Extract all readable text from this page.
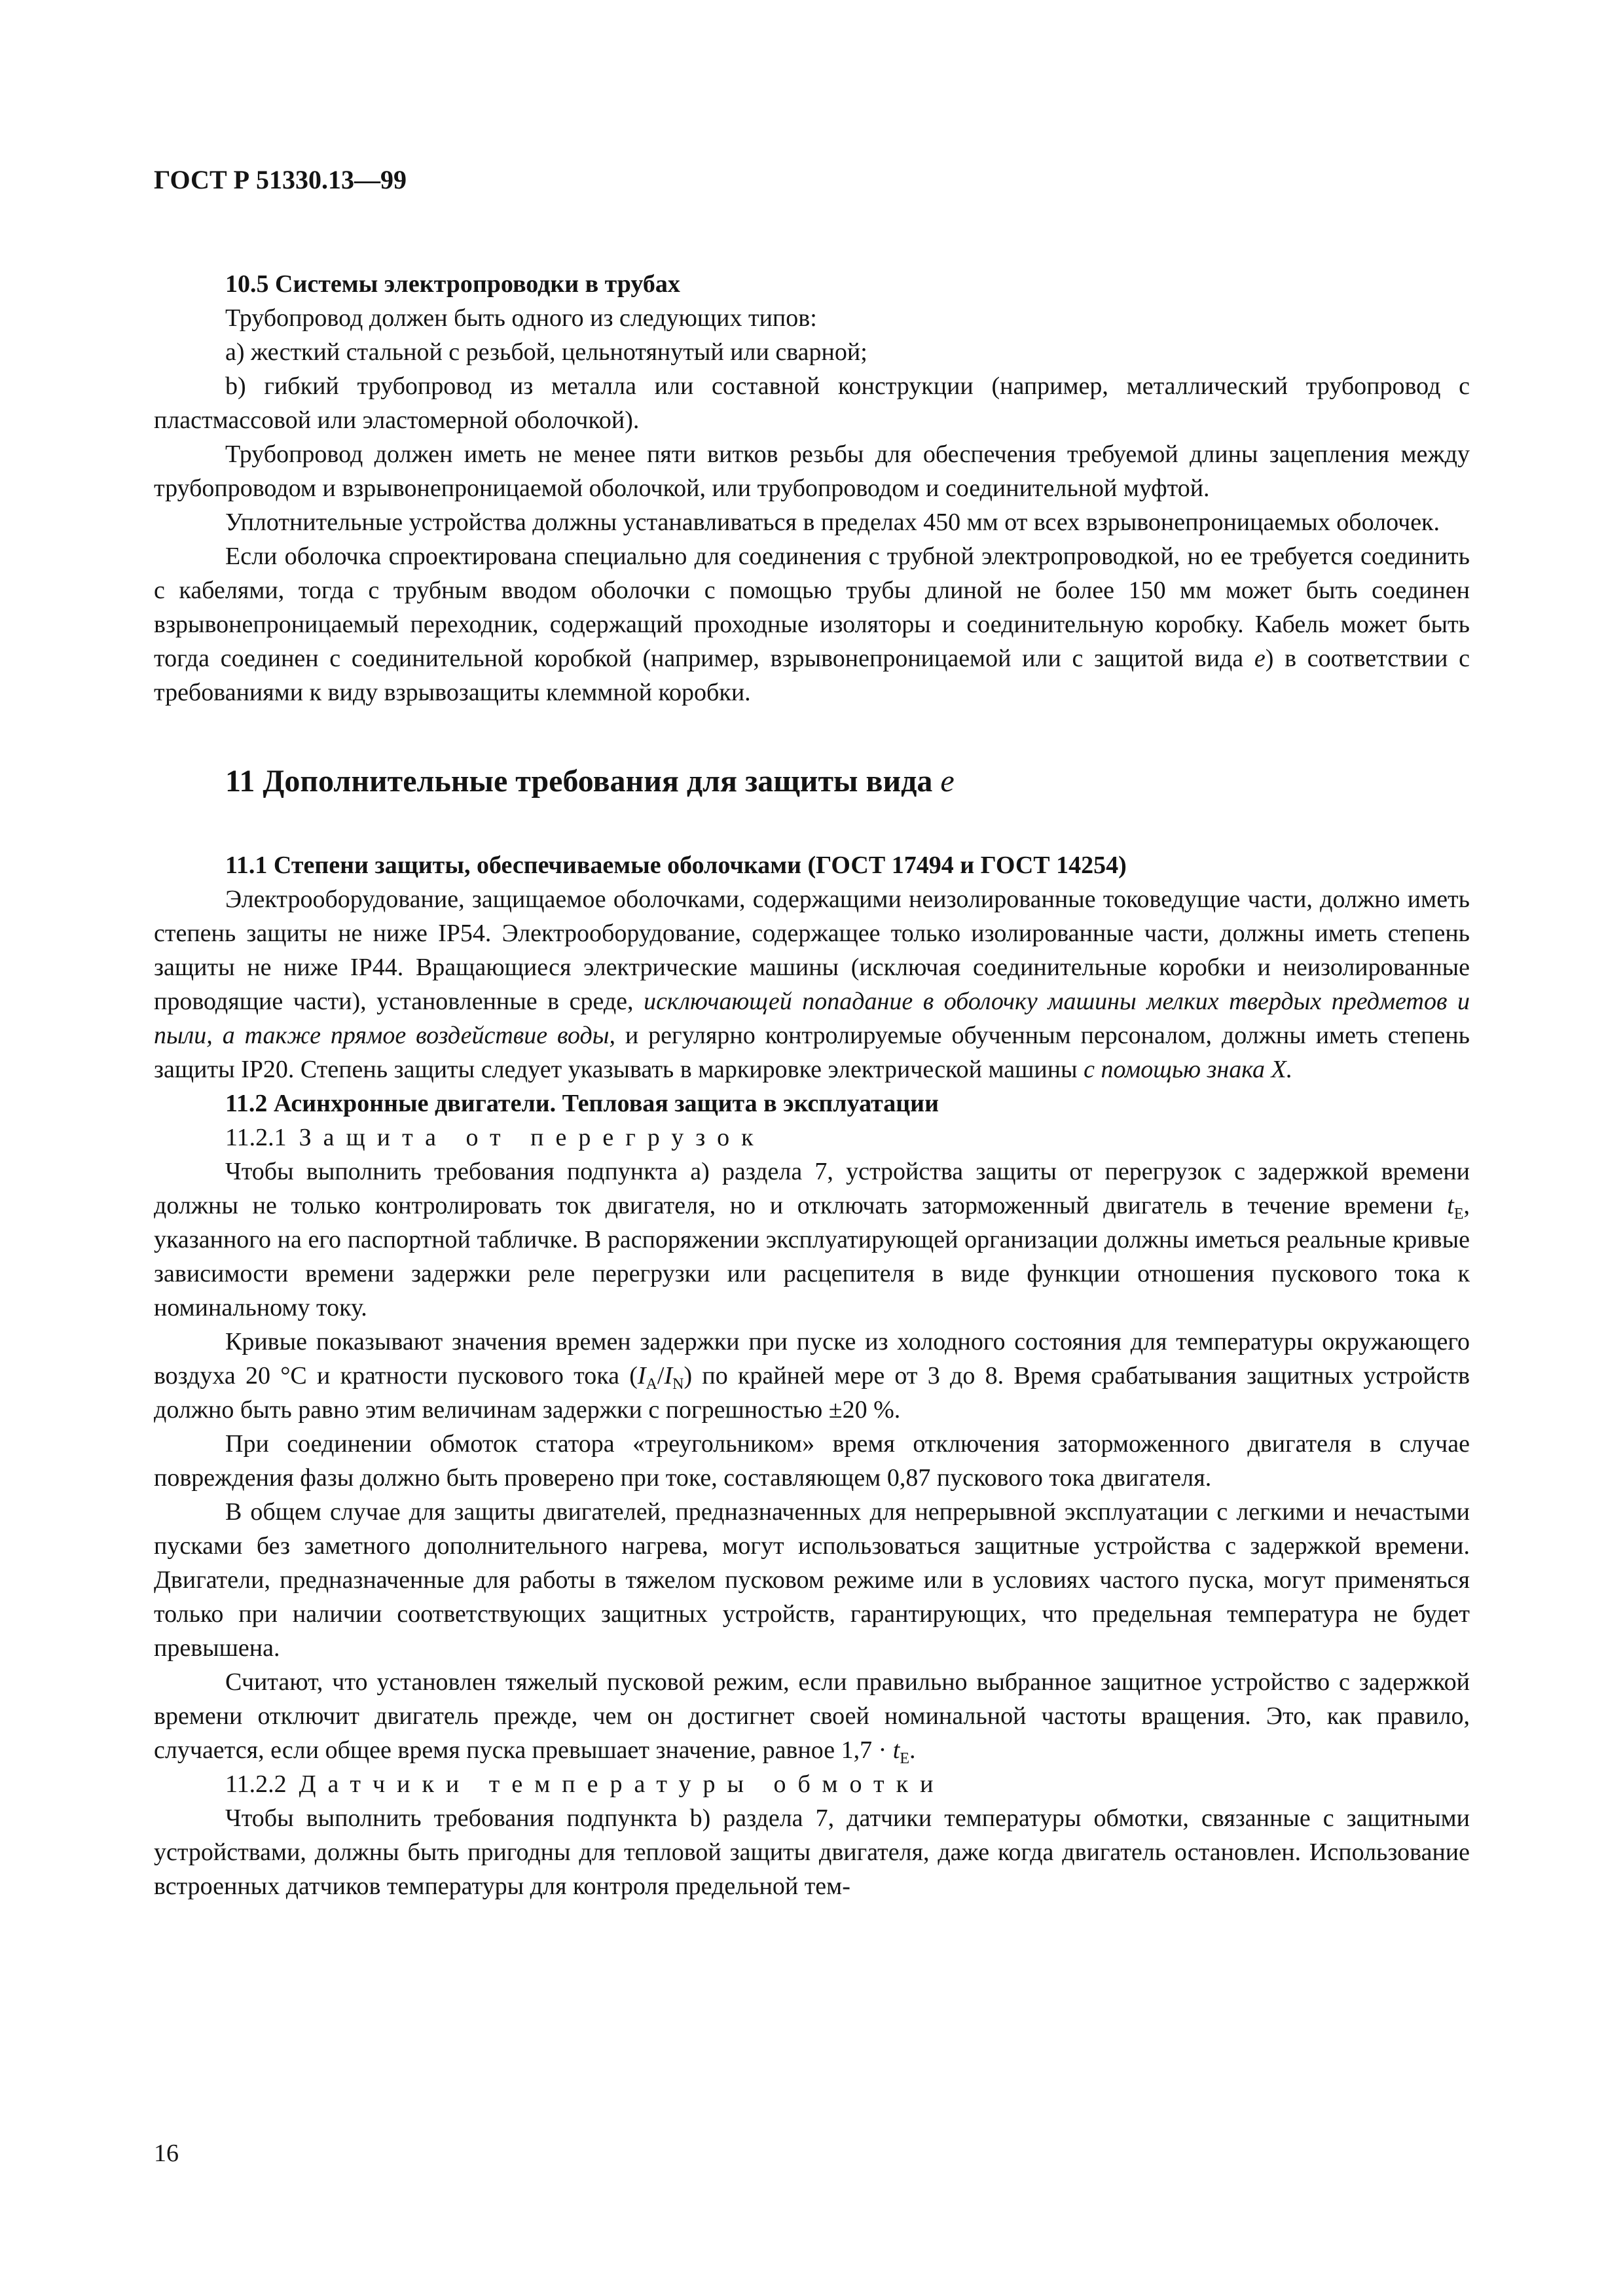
ГОСТ Р 51330.13—99
10.5 Системы электропроводки в трубах

Трубопровод должен быть одного из следующих типов:

а) жесткий стальной с резьбой, цельнотянутый или сварной;

b) гибкий трубопровод из металла или составной конструкции (например, металлический трубопровод с пластмассовой или эластомерной оболочкой).

Трубопровод должен иметь не менее пяти витков резьбы для обеспечения требуемой длины зацепления между трубопроводом и взрывонепроницаемой оболочкой, или трубопроводом и соединительной муфтой.

Уплотнительные устройства должны устанавливаться в пределах 450 мм от всех взрывонепроницаемых оболочек.

Если оболочка спроектирована специально для соединения с трубной электропроводкой, но ее требуется соединить с кабелями, тогда с трубным вводом оболочки с помощью трубы длиной не более 150 мм может быть соединен взрывонепроницаемый переходник, содержащий проходные изоляторы и соединительную коробку. Кабель может быть тогда соединен с соединительной коробкой (например, взрывонепроницаемой или с защитой вида е) в соответствии с требованиями к виду взрывозащиты клеммной коробки.

11 Дополнительные требования для защиты вида е
11.1 Степени защиты, обеспечиваемые оболочками (ГОСТ 17494 и ГОСТ 14254)

Электрооборудование, защищаемое оболочками, содержащими неизолированные токоведущие части, должно иметь степень защиты не ниже IP54. Электрооборудование, содержащее только изолированные части, должны иметь степень защиты не ниже IP44. Вращающиеся электрические машины (исключая соединительные коробки и неизолированные проводящие части), установленные в среде, исключающей попадание в оболочку машины мелких твердых предметов и пыли, а также прямое воздействие воды, и регулярно контролируемые обученным персоналом, должны иметь степень защиты IP20. Степень защиты следует указывать в маркировке электрической машины с помощью знака Х.

11.2 Асинхронные двигатели. Тепловая защита в эксплуатации

11.2.1 Защита от перегрузок

Чтобы выполнить требования подпункта а) раздела 7, устройства защиты от перегрузок с задержкой времени должны не только контролировать ток двигателя, но и отключать заторможенный двигатель в течение времени $t_E$, указанного на его паспортной табличке. В распоряжении эксплуатирующей организации должны иметься реальные кривые зависимости времени задержки реле перегрузки или расцепителя в виде функции отношения пускового тока к номинальному току.

Кривые показывают значения времен задержки при пуске из холодного состояния для температуры окружающего воздуха 20 °С и кратности пускового тока $(I_A/I_N)$ по крайней мере от 3 до 8. Время срабатывания защитных устройств должно быть равно этим величинам задержки с погрешностью ±20 %.

При соединении обмоток статора «треугольником» время отключения заторможенного двигателя в случае повреждения фазы должно быть проверено при токе, составляющем 0,87 пускового тока двигателя.

В общем случае для защиты двигателей, предназначенных для непрерывной эксплуатации с легкими и нечастыми пусками без заметного дополнительного нагрева, могут использоваться защитные устройства с задержкой времени. Двигатели, предназначенные для работы в тяжелом пусковом режиме или в условиях частого пуска, могут применяться только при наличии соответствующих защитных устройств, гарантирующих, что предельная температура не будет превышена.

Считают, что установлен тяжелый пусковой режим, если правильно выбранное защитное устройство с задержкой времени отключит двигатель прежде, чем он достигнет своей номинальной частоты вращения. Это, как правило, случается, если общее время пуска превышает значение, равное $1,7 \cdot t_E$.

11.2.2 Датчики температуры обмотки

Чтобы выполнить требования подпункта b) раздела 7, датчики температуры обмотки, связанные с защитными устройствами, должны быть пригодны для тепловой защиты двигателя, даже когда двигатель остановлен. Использование встроенных датчиков температуры для контроля предельной тем-

16
